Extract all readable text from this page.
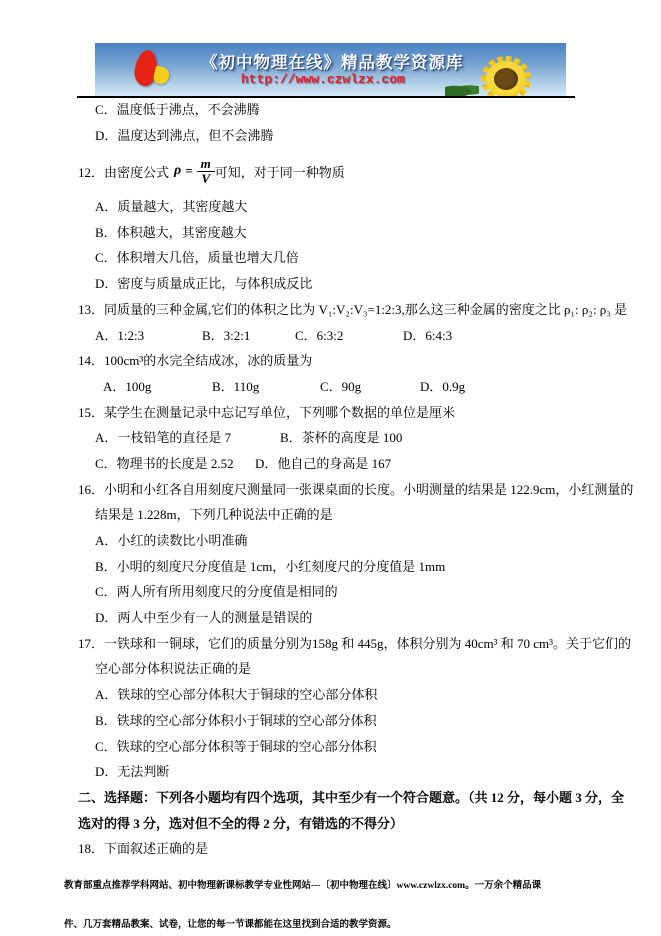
《初中物理在线》精品教学资源库
http://www.czwlzx.com
C．温度低于沸点，不会沸腾
D．温度达到沸点，但不会沸腾
12．由密度公式 $\rho = \frac{m}{V}$ 可知，对于同一种物质
A．质量越大，其密度越大
B．体积越大，其密度越大
C．体积增大几倍，质量也增大几倍
D．密度与质量成正比，与体积成反比
13．同质量的三种金属,它们的体积之比为 V₁:V₂:V₃=1:2:3,那么这三种金属的密度之比 ρ₁: ρ₂: ρ₃ 是
A．1:2:3	B．3:2:1	C．6:3:2	D．6:4:3
14．100cm³的水完全结成冰，冰的质量为
A．100g	B．110g	C．90g	D．0.9g
15．某学生在测量记录中忘记写单位，下列哪个数据的单位是厘米
A．一枝铅笔的直径是 7	B．茶杯的高度是 100
C．物理书的长度是 2.52	D．他自己的身高是 167
16．小明和小红各自用刻度尺测量同一张课桌面的长度。小明测量的结果是 122.9cm，小红测量的
结果是 1.228m，下列几种说法中正确的是
A．小红的读数比小明准确
B．小明的刻度尺分度值是 1cm，小红刻度尺的分度值是 1mm
C．两人所有所用刻度尺的分度值是相同的
D．两人中至少有一人的测量是错误的
17．一铁球和一铜球，它们的质量分别为158g 和 445g，体积分别为 40cm³ 和 70 cm³。关于它们的
空心部分体积说法正确的是
A．铁球的空心部分体积大于铜球的空心部分体积
B．铁球的空心部分体积小于铜球的空心部分体积
C．铁球的空心部分体积等于铜球的空心部分体积
D．无法判断
二、选择题：下列各小题均有四个选项，其中至少有一个符合题意。（共 12 分，每小题 3 分，全
选对的得 3 分，选对但不全的得 2 分，有错选的不得分）
18．下面叙述正确的是

教育部重点推荐学科网站、初中物理新课标教学专业性网站---〔初中物理在线〕www.czwlzx.com。一万余个精品课

件、几万套精品教案、试卷，让您的每一节课都能在这里找到合适的教学资源。
